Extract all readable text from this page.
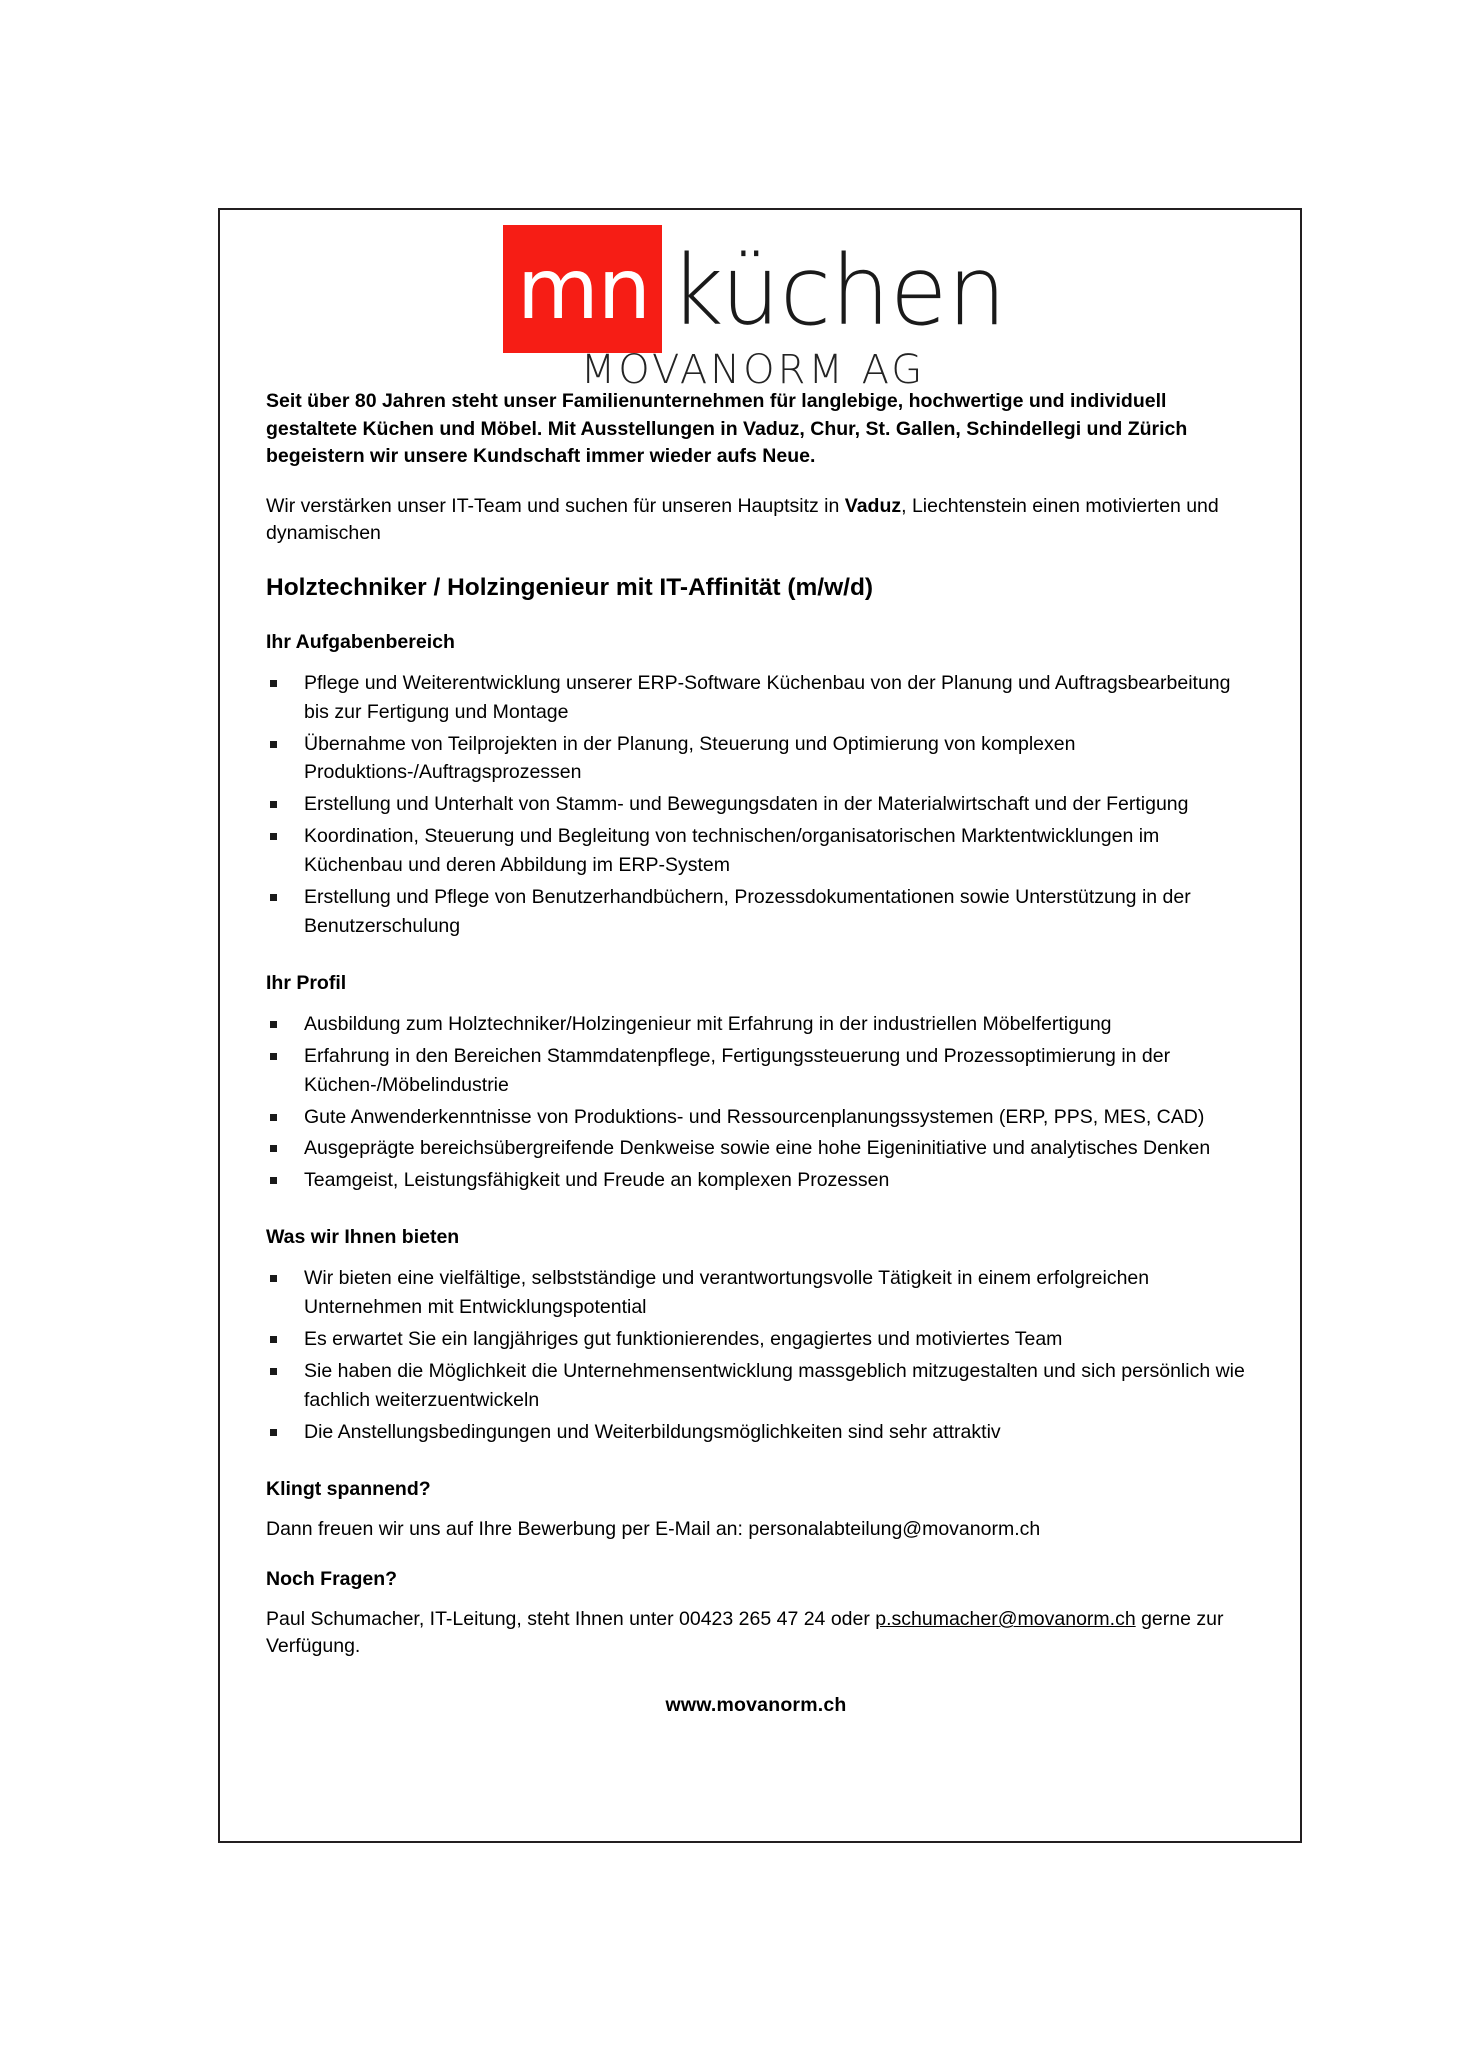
mn küchen
MOVANORM AG

Seit über 80 Jahren steht unser Familienunternehmen für langlebige, hochwertige und individuell gestaltete Küchen und Möbel. Mit Ausstellungen in Vaduz, Chur, St. Gallen, Schindellegi und Zürich begeistern wir unsere Kundschaft immer wieder aufs Neue.

Wir verstärken unser IT-Team und suchen für unseren Hauptsitz in Vaduz, Liechtenstein einen motivierten und dynamischen

Holztechniker / Holzingenieur mit IT-Affinität (m/w/d)
Ihr Aufgabenbereich
Pflege und Weiterentwicklung unserer ERP-Software Küchenbau von der Planung und Auftragsbearbeitung bis zur Fertigung und Montage
Übernahme von Teilprojekten in der Planung, Steuerung und Optimierung von komplexen Produktions-/Auftragsprozessen
Erstellung und Unterhalt von Stamm- und Bewegungsdaten in der Materialwirtschaft und der Fertigung
Koordination, Steuerung und Begleitung von technischen/organisatorischen Marktentwicklungen im Küchenbau und deren Abbildung im ERP-System
Erstellung und Pflege von Benutzerhandbüchern, Prozessdokumentationen sowie Unterstützung in der Benutzerschulung
Ihr Profil
Ausbildung zum Holztechniker/Holzingenieur mit Erfahrung in der industriellen Möbelfertigung
Erfahrung in den Bereichen Stammdatenpflege, Fertigungssteuerung und Prozessoptimierung in der Küchen-/Möbelindustrie
Gute Anwenderkenntnisse von Produktions- und Ressourcenplanungssystemen (ERP, PPS, MES, CAD)
Ausgeprägte bereichsübergreifende Denkweise sowie eine hohe Eigeninitiative und analytisches Denken
Teamgeist, Leistungsfähigkeit und Freude an komplexen Prozessen
Was wir Ihnen bieten
Wir bieten eine vielfältige, selbstständige und verantwortungsvolle Tätigkeit in einem erfolgreichen Unternehmen mit Entwicklungspotential
Es erwartet Sie ein langjähriges gut funktionierendes, engagiertes und motiviertes Team
Sie haben die Möglichkeit die Unternehmensentwicklung massgeblich mitzugestalten und sich persönlich wie fachlich weiterzuentwickeln
Die Anstellungsbedingungen und Weiterbildungsmöglichkeiten sind sehr attraktiv
Klingt spannend?

Dann freuen wir uns auf Ihre Bewerbung per E-Mail an: personalabteilung@movanorm.ch

Noch Fragen?

Paul Schumacher, IT-Leitung, steht Ihnen unter 00423 265 47 24 oder p.schumacher@movanorm.ch gerne zur Verfügung.

www.movanorm.ch
